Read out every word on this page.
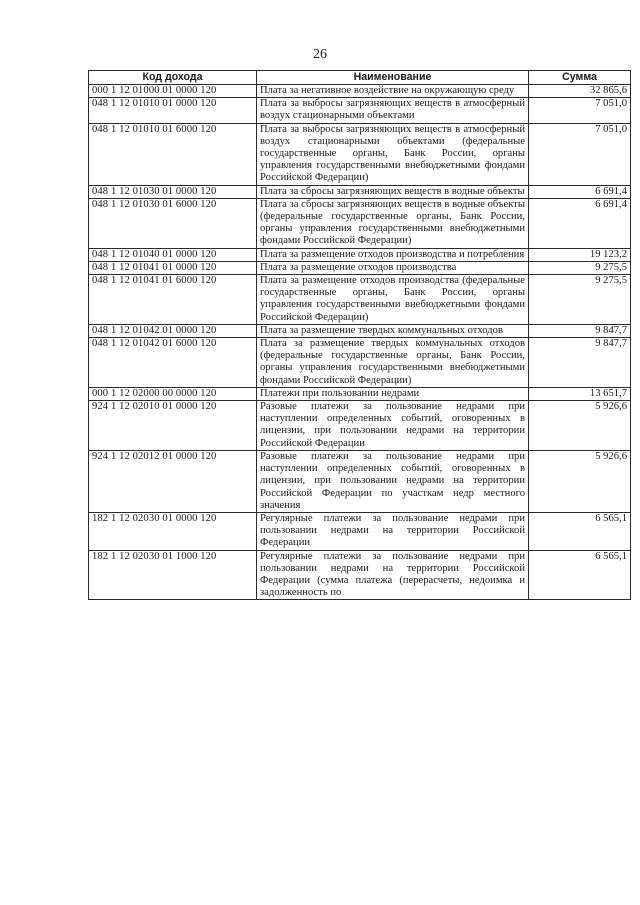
26
Код дохода	Наименование	Сумма
000 1 12 01000 01 0000 120	Плата за негативное воздействие на окружающую среду	32 865,6
048 1 12 01010 01 0000 120	Плата за выбросы загрязняющих веществ в атмосферный воздух стационарными объектами	7 051,0
048 1 12 01010 01 6000 120	Плата за выбросы загрязняющих веществ в атмосферный воздух стационарными объектами (федеральные государственные органы, Банк России, органы управления государственными внебюджетными фондами Российской Федерации)	7 051,0
048 1 12 01030 01 0000 120	Плата за сбросы загрязняющих веществ в водные объекты	6 691,4
048 1 12 01030 01 6000 120	Плата за сбросы загрязняющих веществ в водные объекты (федеральные государственные органы, Банк России, органы управления государственными внебюджетными фондами Российской Федерации)	6 691,4
048 1 12 01040 01 0000 120	Плата за размещение отходов производства и потребления	19 123,2
048 1 12 01041 01 0000 120	Плата за размещение отходов производства	9 275,5
048 1 12 01041 01 6000 120	Плата за размещение отходов производства (федеральные государственные органы, Банк России, органы управления государственными внебюджетными фондами Российской Федерации)	9 275,5
048 1 12 01042 01 0000 120	Плата за размещение твердых коммунальных отходов	9 847,7
048 1 12 01042 01 6000 120	Плата за размещение твердых коммунальных отходов (федеральные государственные органы, Банк России, органы управления государственными внебюджетными фондами Российской Федерации)	9 847,7
000 1 12 02000 00 0000 120	Платежи при пользовании недрами	13 651,7
924 1 12 02010 01 0000 120	Разовые платежи за пользование недрами при наступлении определенных событий, оговоренных в лицензии, при пользовании недрами на территории Российской Федерации	5 926,6
924 1 12 02012 01 0000 120	Разовые платежи за пользование недрами при наступлении определенных событий, оговоренных в лицензии, при пользовании недрами на территории Российской Федерации по участкам недр местного значения	5 926,6
182 1 12 02030 01 0000 120	Регулярные платежи за пользование недрами при пользовании недрами на территории Российской Федерации	6 565,1
182 1 12 02030 01 1000 120	Регулярные платежи за пользование недрами при пользовании недрами на территории Российской Федерации (сумма платежа (перерасчеты, недоимка и задолженность по	6 565,1
